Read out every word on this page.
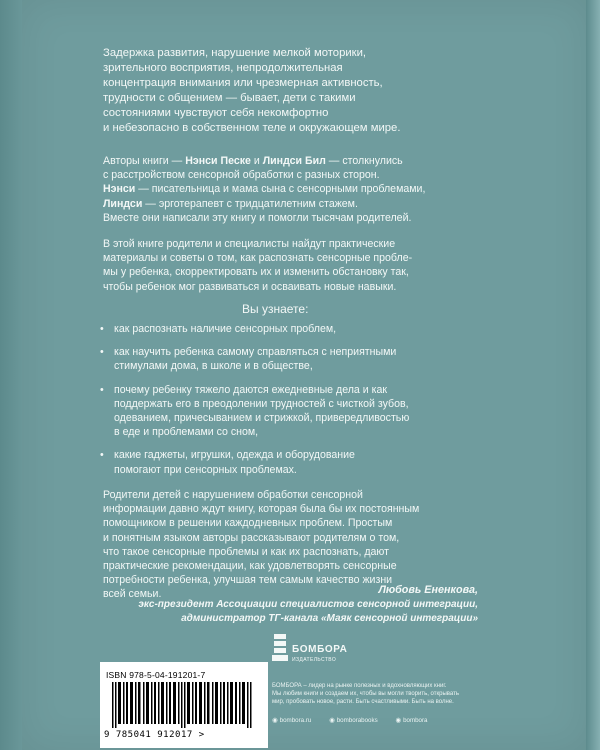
Задержка развития, нарушение мелкой моторики,
зрительного восприятия, непродолжительная
концентрация внимания или чрезмерная активность,
трудности с общением — бывает, дети с такими
состояниями чувствуют себя некомфортно
и небезопасно в собственном теле и окружающем мире.
Авторы книги — Нэнси Песке и Линдси Бил — столкнулись
с расстройством сенсорной обработки с разных сторон.
Нэнси — писательница и мама сына с сенсорными проблемами,
Линдси — эрготерапевт с тридцатилетним стажем.
Вместе они написали эту книгу и помогли тысячам родителей.
В этой книге родители и специалисты найдут практические
материалы и советы о том, как распознать сенсорные пробле-
мы у ребенка, скорректировать их и изменить обстановку так,
чтобы ребенок мог развиваться и осваивать новые навыки.
Вы узнаете:
• как распознать наличие сенсорных проблем,
• как научить ребенка самому справляться с неприятными
стимулами дома, в школе и в обществе,
• почему ребенку тяжело даются ежедневные дела и как
поддержать его в преодолении трудностей с чисткой зубов,
одеванием, причесыванием и стрижкой, привередливостью
в еде и проблемами со сном,
• какие гаджеты, игрушки, одежда и оборудование
помогают при сенсорных проблемах.
Родители детей с нарушением обработки сенсорной
информации давно ждут книгу, которая была бы их постоянным
помощником в решении каждодневных проблем. Простым
и понятным языком авторы рассказывают родителям о том,
что такое сенсорные проблемы и как их распознать, дают
практические рекомендации, как удовлетворять сенсорные
потребности ребенка, улучшая тем самым качество жизни
всей семьи.	Любовь Ененкова,
экс-президент Ассоциации специалистов сенсорной интеграции,
администратор ТГ-канала «Маяк сенсорной интеграции»
ISBN 978-5-04-191201-7
9 785041 912017 >
БОМБОРА
ИЗДАТЕЛЬСТВО
БОМБОРА – лидер на рынке полезных и вдохновляющих книг.
Мы любим книги и создаем их, чтобы вы могли творить, открывать
мир, пробовать новое, расти. Быть счастливыми. Быть на волне.
◉ bombora.ru	◉ bomborabooks	◉ bombora
